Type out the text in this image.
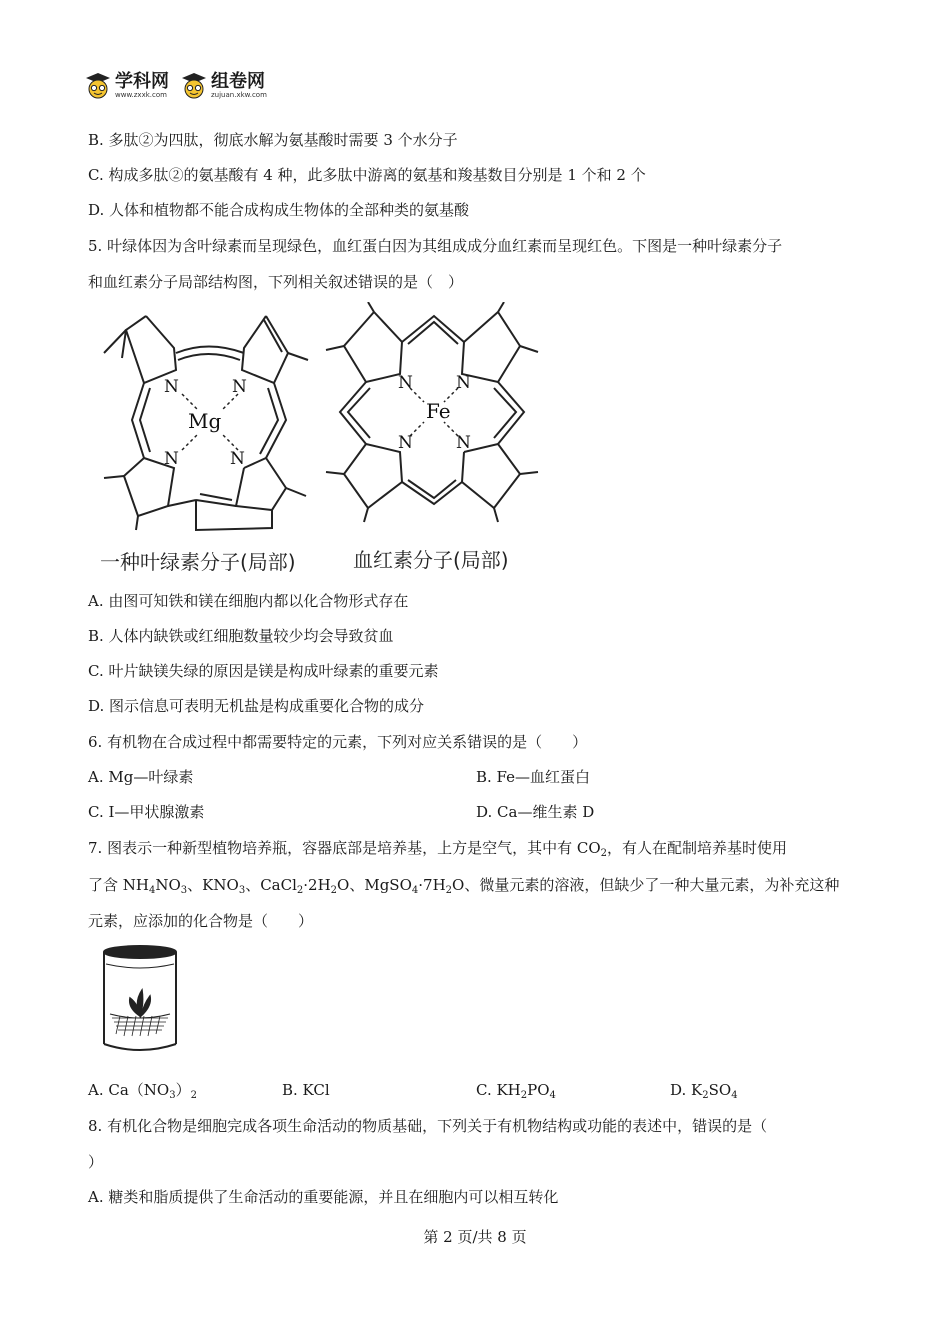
学科网
www.zxxk.com
组卷网
zujuan.xkw.com
B. 多肽②为四肽，彻底水解为氨基酸时需要 3 个水分子
C. 构成多肽②的氨基酸有 4 种，此多肽中游离的氨基和羧基数目分别是 1 个和 2 个
D. 人体和植物都不能合成构成生物体的全部种类的氨基酸
5. 叶绿体因为含叶绿素而呈现绿色，血红蛋白因为其组成成分血红素而呈现红色。下图是一种叶绿素分子
和血红素分子局部结构图，下列相关叙述错误的是（　）
N	N
N	N
Mg
N	N
N	N
Fe
一种叶绿素分子(局部)	血红素分子(局部)
A. 由图可知铁和镁在细胞内都以化合物形式存在
B. 人体内缺铁或红细胞数量较少均会导致贫血
C. 叶片缺镁失绿的原因是镁是构成叶绿素的重要元素
D. 图示信息可表明无机盐是构成重要化合物的成分
6. 有机物在合成过程中都需要特定的元素，下列对应关系错误的是（　　）
A. Mg—叶绿素	B. Fe—血红蛋白
C. I—甲状腺激素	D. Ca—维生素 D
7. 图表示一种新型植物培养瓶，容器底部是培养基，上方是空气，其中有 $CO_2$，有人在配制培养基时使用
了含 $NH_4NO_3$、$KNO_3$、$CaCl_2\cdot 2H_2O$、$MgSO_4\cdot 7H_2O$、微量元素的溶液，但缺少了一种大量元素，为补充这种
元素，应添加的化合物是（　　）
A. $Ca(NO_3)_2$	B. KCl	C. $KH_2PO_4$	D. $K_2SO_4$
8. 有机化合物是细胞完成各项生命活动的物质基础，下列关于有机物结构或功能的表述中，错误的是（
）
A. 糖类和脂质提供了生命活动的重要能源，并且在细胞内可以相互转化
第 2 页/共 8 页
